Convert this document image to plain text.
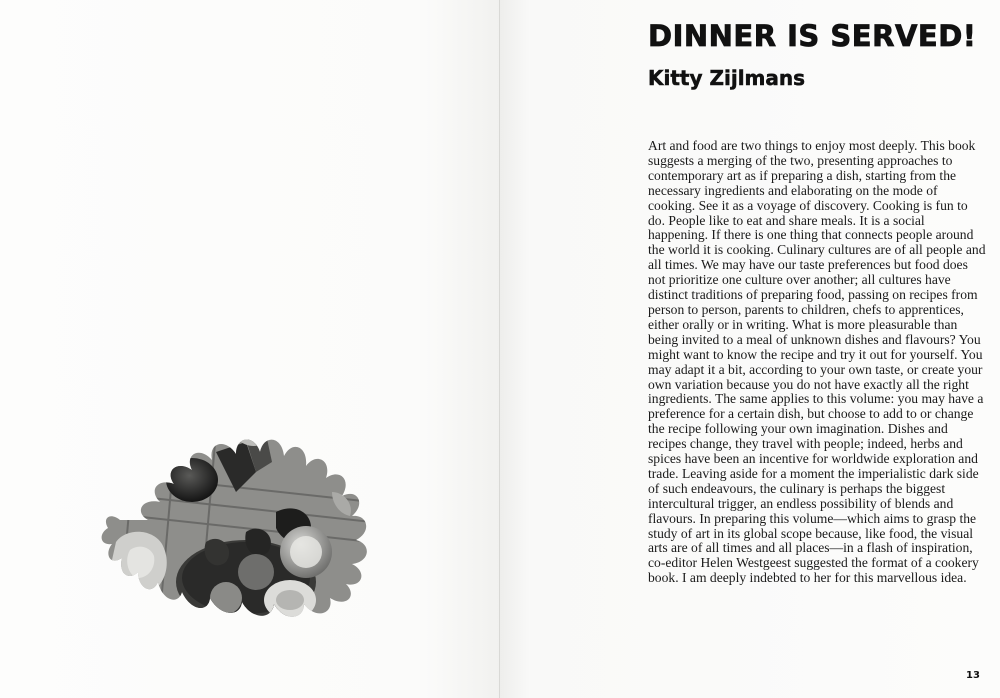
DINNER IS SERVED!
Kitty Zijlmans

Art and food are two things to enjoy most deeply. This book suggests a merging of the two, presenting approaches to contemporary art as if preparing a dish, starting from the necessary ingredients and elaborating on the mode of cooking. See it as a voyage of discovery. Cooking is fun to do. People like to eat and share meals. It is a social happening. If there is one thing that connects people around the world it is cooking. Culinary cultures are of all people and all times. We may have our taste preferences but food does not prioritize one culture over another; all cultures have distinct traditions of preparing food, passing on recipes from person to person, parents to children, chefs to apprentices, either orally or in writing. What is more pleasurable than being invited to a meal of unknown dishes and flavours? You might want to know the recipe and try it out for yourself. You may adapt it a bit, according to your own taste, or create your own variation because you do not have exactly all the right ingredients. The same applies to this volume: you may have a preference for a certain dish, but choose to add to or change the recipe following your own imagination. Dishes and recipes change, they travel with people; indeed, herbs and spices have been an incentive for worldwide exploration and trade. Leaving aside for a moment the imperialistic dark side of such endeavours, the culinary is perhaps the biggest intercultural trigger, an endless possibility of blends and flavours. In preparing this volume—which aims to grasp the study of art in its global scope because, like food, the visual arts are of all times and all places—in a flash of inspiration, co-editor Helen Westgeest suggested the format of a cookery book. I am deeply indebted to her for this marvellous idea.

13
